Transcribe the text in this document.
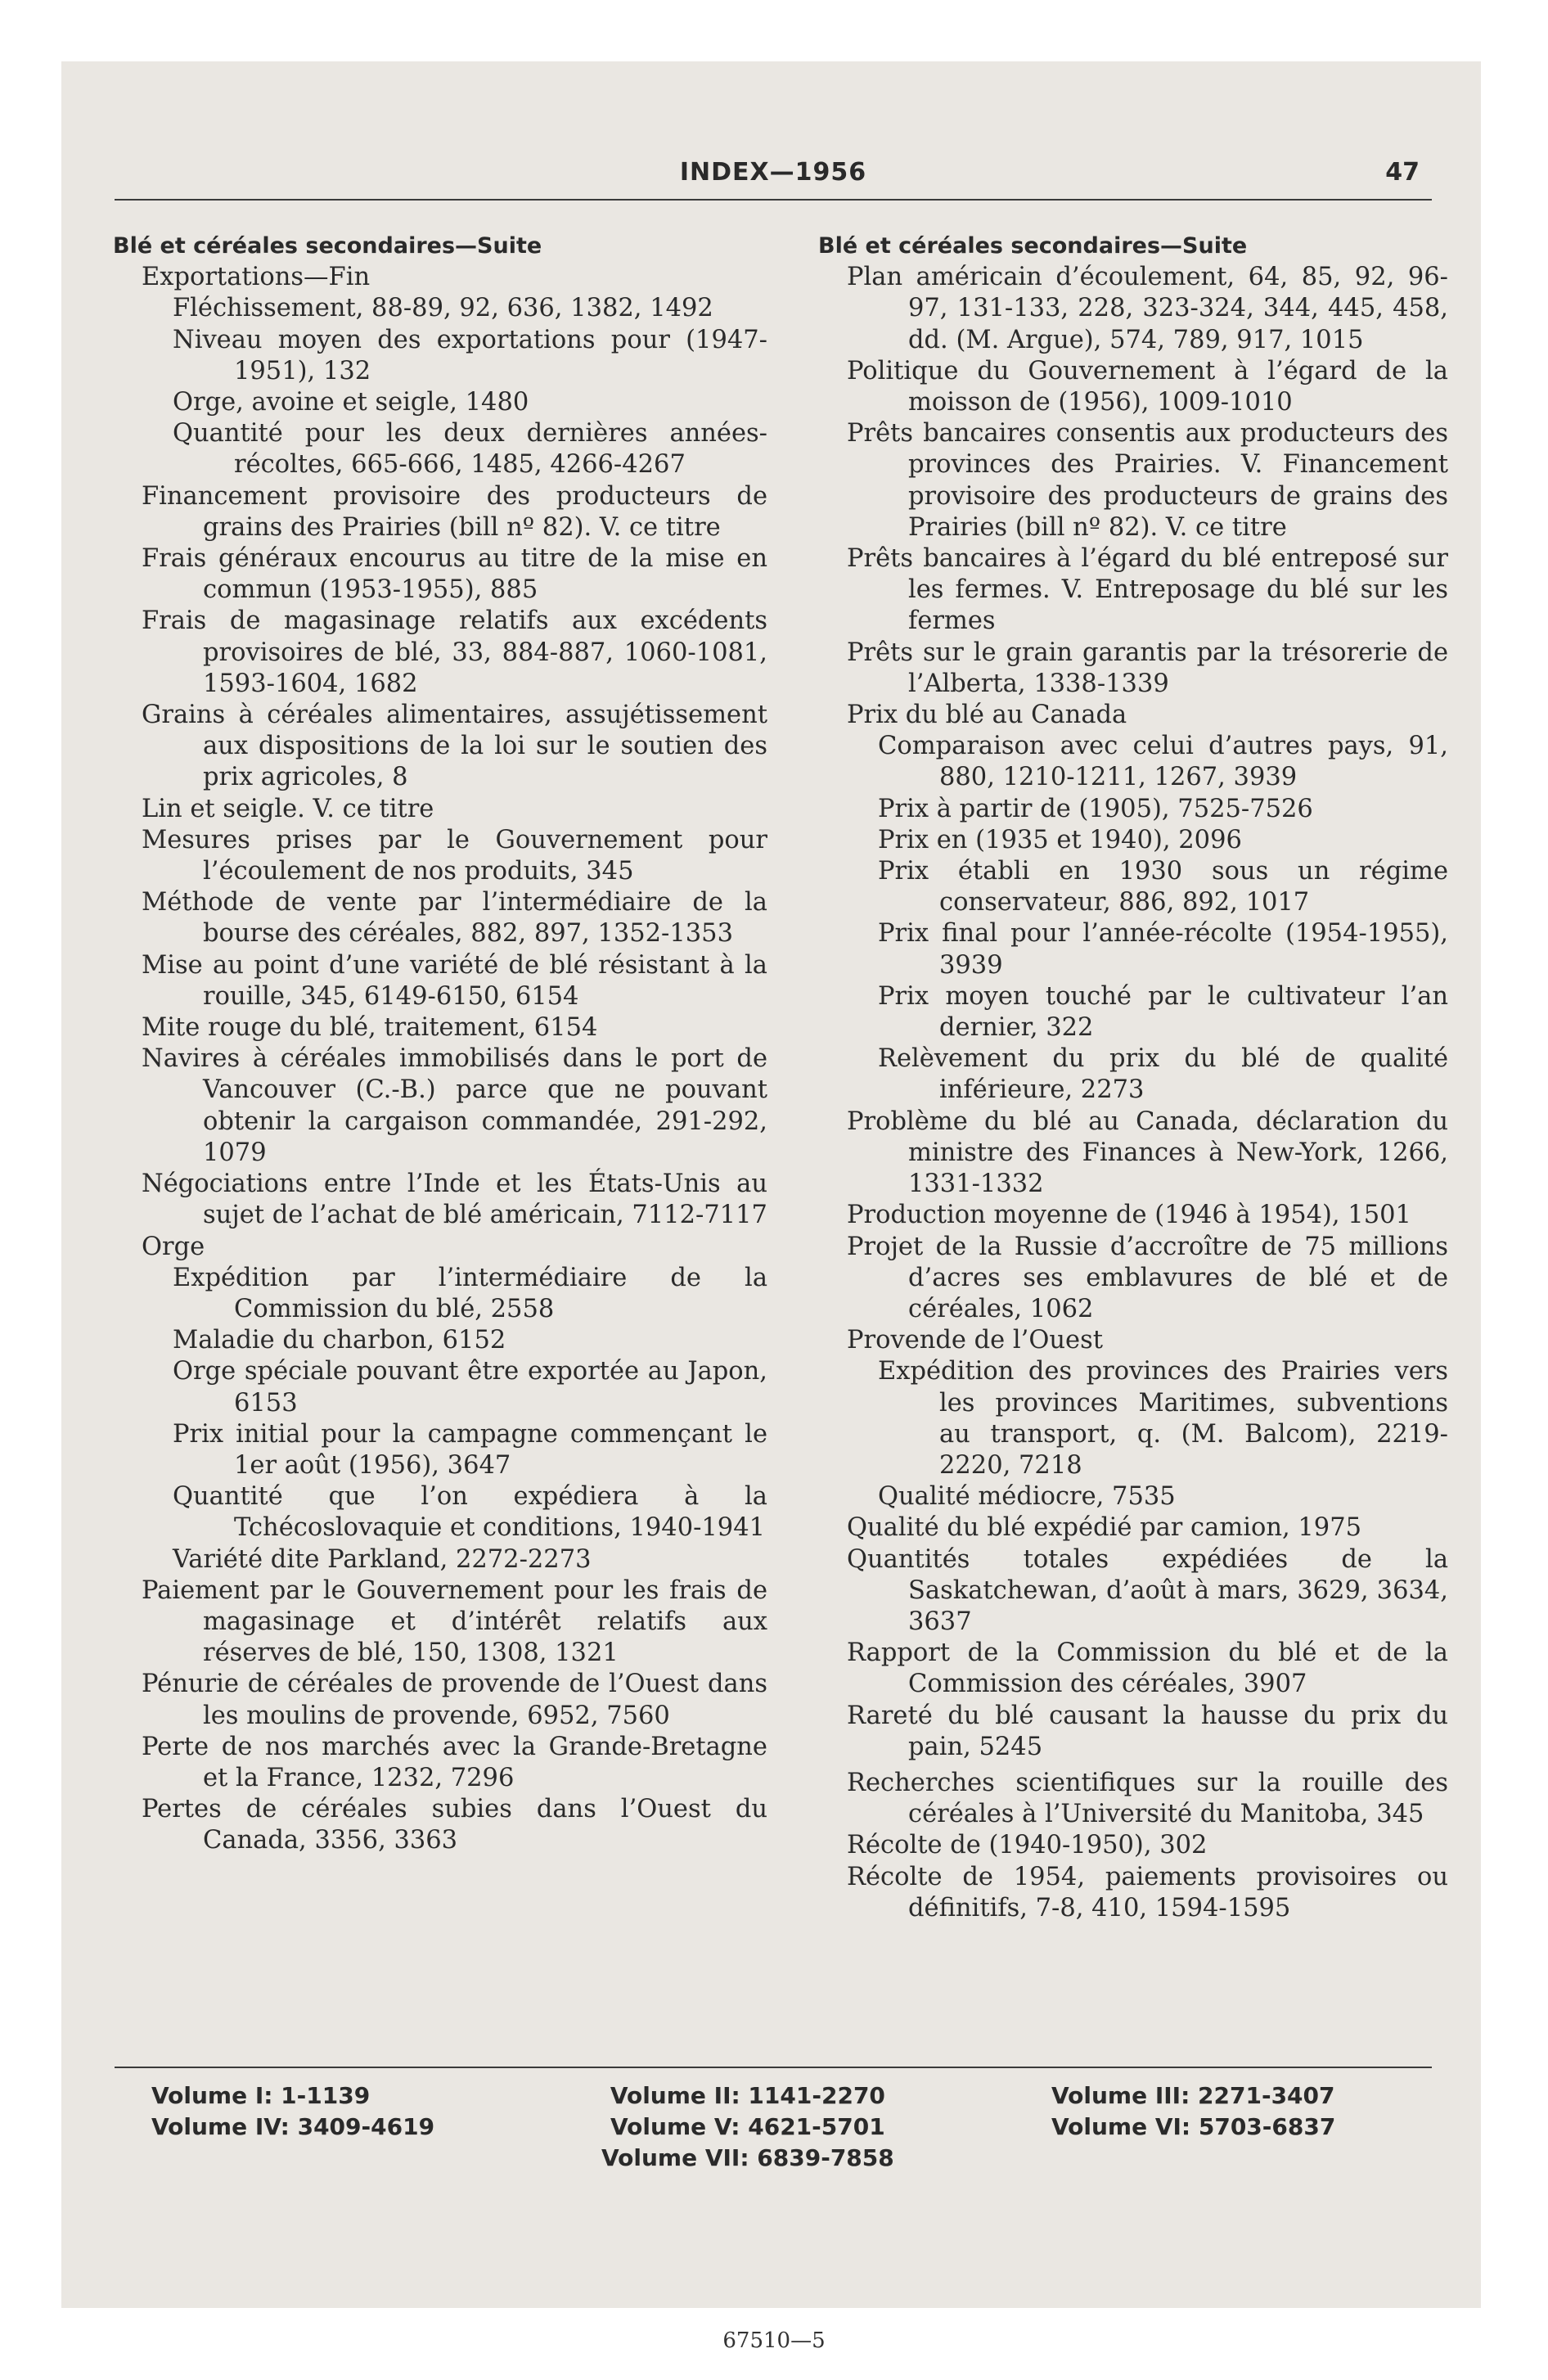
INDEX—1956	47

Blé et céréales secondaires—Suite

Exportations—Fin

Fléchissement, 88-89, 92, 636, 1382, 1492

Niveau moyen des exportations pour (1947-1951), 132

Orge, avoine et seigle, 1480

Quantité pour les deux dernières années-récoltes, 665-666, 1485, 4266-4267

Financement provisoire des producteurs de grains des Prairies (bill nº 82). V. ce titre

Frais généraux encourus au titre de la mise en commun (1953-1955), 885

Frais de magasinage relatifs aux excédents provisoires de blé, 33, 884-887, 1060-1081, 1593-1604, 1682

Grains à céréales alimentaires, assujétissement aux dispositions de la loi sur le soutien des prix agricoles, 8

Lin et seigle. V. ce titre

Mesures prises par le Gouvernement pour l’écoulement de nos produits, 345

Méthode de vente par l’intermédiaire de la bourse des céréales, 882, 897, 1352-1353

Mise au point d’une variété de blé résistant à la rouille, 345, 6149-6150, 6154

Mite rouge du blé, traitement, 6154

Navires à céréales immobilisés dans le port de Vancouver (C.-B.) parce que ne pouvant obtenir la cargaison commandée, 291-292, 1079

Négociations entre l’Inde et les États-Unis au sujet de l’achat de blé américain, 7112-7117

Orge

Expédition par l’intermédiaire de la Commission du blé, 2558

Maladie du charbon, 6152

Orge spéciale pouvant être exportée au Japon, 6153

Prix initial pour la campagne commençant le 1er août (1956), 3647

Quantité que l’on expédiera à la Tchécoslovaquie et conditions, 1940-1941

Variété dite Parkland, 2272-2273

Paiement par le Gouvernement pour les frais de magasinage et d’intérêt relatifs aux réserves de blé, 150, 1308, 1321

Pénurie de céréales de provende de l’Ouest dans les moulins de provende, 6952, 7560

Perte de nos marchés avec la Grande-Bretagne et la France, 1232, 7296

Pertes de céréales subies dans l’Ouest du Canada, 3356, 3363

Blé et céréales secondaires—Suite

Plan américain d’écoulement, 64, 85, 92, 96-97, 131-133, 228, 323-324, 344, 445, 458, dd. (M. Argue), 574, 789, 917, 1015

Politique du Gouvernement à l’égard de la moisson de (1956), 1009-1010

Prêts bancaires consentis aux producteurs des provinces des Prairies. V. Financement provisoire des producteurs de grains des Prairies (bill nº 82). V. ce titre

Prêts bancaires à l’égard du blé entreposé sur les fermes. V. Entreposage du blé sur les fermes

Prêts sur le grain garantis par la trésorerie de l’Alberta, 1338-1339

Prix du blé au Canada

Comparaison avec celui d’autres pays, 91, 880, 1210-1211, 1267, 3939

Prix à partir de (1905), 7525-7526

Prix en (1935 et 1940), 2096

Prix établi en 1930 sous un régime conservateur, 886, 892, 1017

Prix final pour l’année-récolte (1954-1955), 3939

Prix moyen touché par le cultivateur l’an dernier, 322

Relèvement du prix du blé de qualité inférieure, 2273

Problème du blé au Canada, déclaration du ministre des Finances à New-York, 1266, 1331-1332

Production moyenne de (1946 à 1954), 1501

Projet de la Russie d’accroître de 75 millions d’acres ses emblavures de blé et de céréales, 1062

Provende de l’Ouest

Expédition des provinces des Prairies vers les provinces Maritimes, subventions au transport, q. (M. Balcom), 2219-2220, 7218

Qualité médiocre, 7535

Qualité du blé expédié par camion, 1975

Quantités totales expédiées de la Saskatchewan, d’août à mars, 3629, 3634, 3637

Rapport de la Commission du blé et de la Commission des céréales, 3907

Rareté du blé causant la hausse du prix du pain, 5245

Recherches scientifiques sur la rouille des céréales à l’Université du Manitoba, 345

Récolte de (1940-1950), 302

Récolte de 1954, paiements provisoires ou définitifs, 7-8, 410, 1594-1595

Volume I: 1-1139
Volume IV: 3409-4619
Volume II: 1141-2270
Volume V: 4621-5701
Volume VII: 6839-7858
Volume III: 2271-3407
Volume VI: 5703-6837
67510—5
